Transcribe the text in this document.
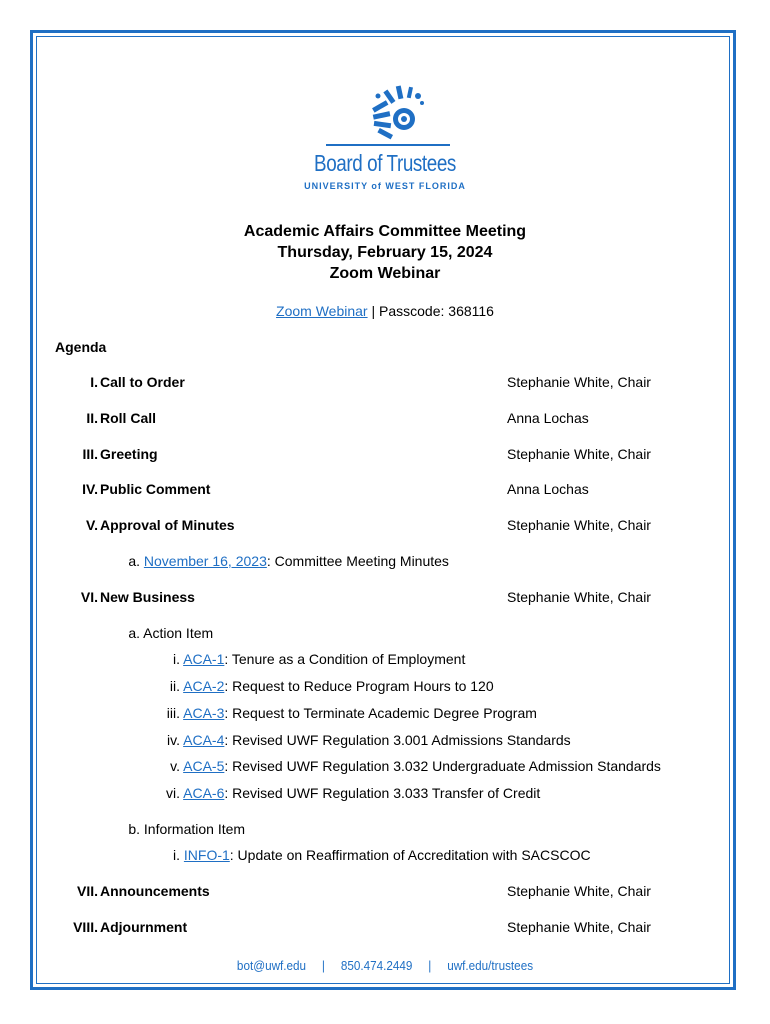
Board of Trustees
UNIVERSITY of WEST FLORIDA
Academic Affairs Committee Meeting
Thursday, February 15, 2024
Zoom Webinar
Zoom Webinar | Passcode: 368116
Agenda
I. Call to Order	Stephanie White, Chair
II. Roll Call	Anna Lochas
III. Greeting	Stephanie White, Chair
IV. Public Comment	Anna Lochas
V. Approval of Minutes	Stephanie White, Chair
a. November 16, 2023: Committee Meeting Minutes
VI. New Business	Stephanie White, Chair
a. Action Item
i. ACA-1: Tenure as a Condition of Employment
ii. ACA-2: Request to Reduce Program Hours to 120
iii. ACA-3: Request to Terminate Academic Degree Program
iv. ACA-4: Revised UWF Regulation 3.001 Admissions Standards
v. ACA-5: Revised UWF Regulation 3.032 Undergraduate Admission Standards
vi. ACA-6: Revised UWF Regulation 3.033 Transfer of Credit
b. Information Item
i. INFO-1: Update on Reaffirmation of Accreditation with SACSCOC
VII. Announcements	Stephanie White, Chair
VIII. Adjournment	Stephanie White, Chair
bot@uwf.edu | 850.474.2449 | uwf.edu/trustees
